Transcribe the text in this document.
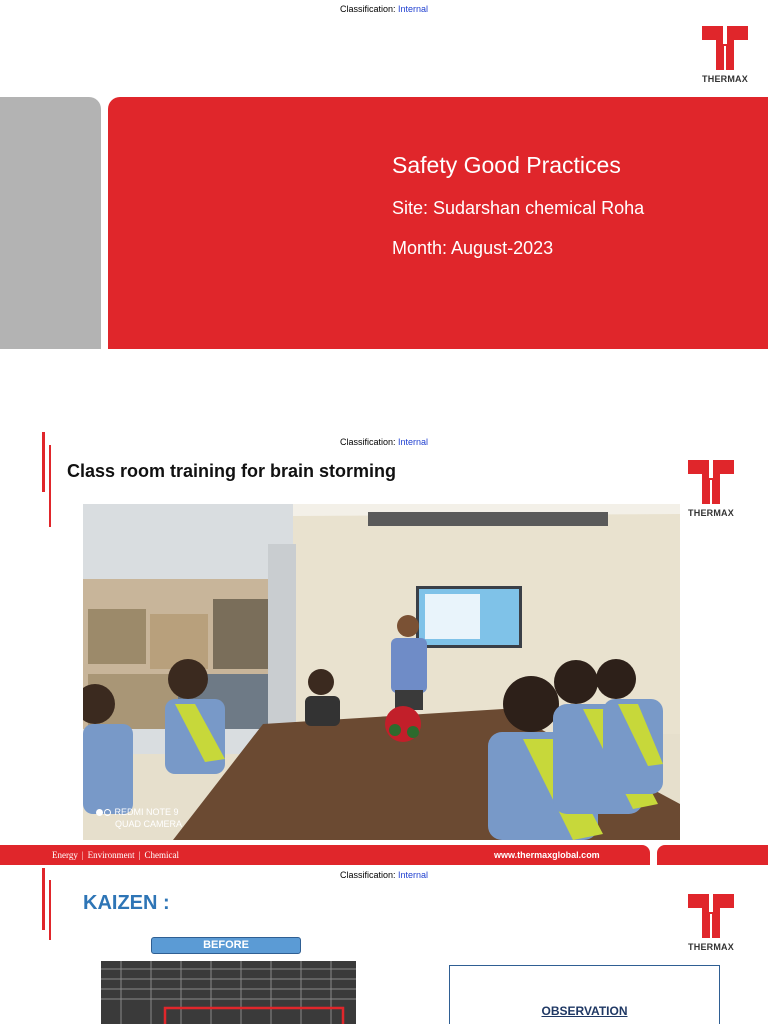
Classification: Internal
THERMAX
Safety Good Practices
Site: Sudarshan chemical Roha
Month: August-2023
Classification: Internal
Class room training for brain storming
THERMAX
REDMI NOTE 9
QUAD CAMERA
Energy | Environment | Chemical	www.thermaxglobal.com
Classification: Internal
KAIZEN :
THERMAX
BEFORE
OBSERVATION
